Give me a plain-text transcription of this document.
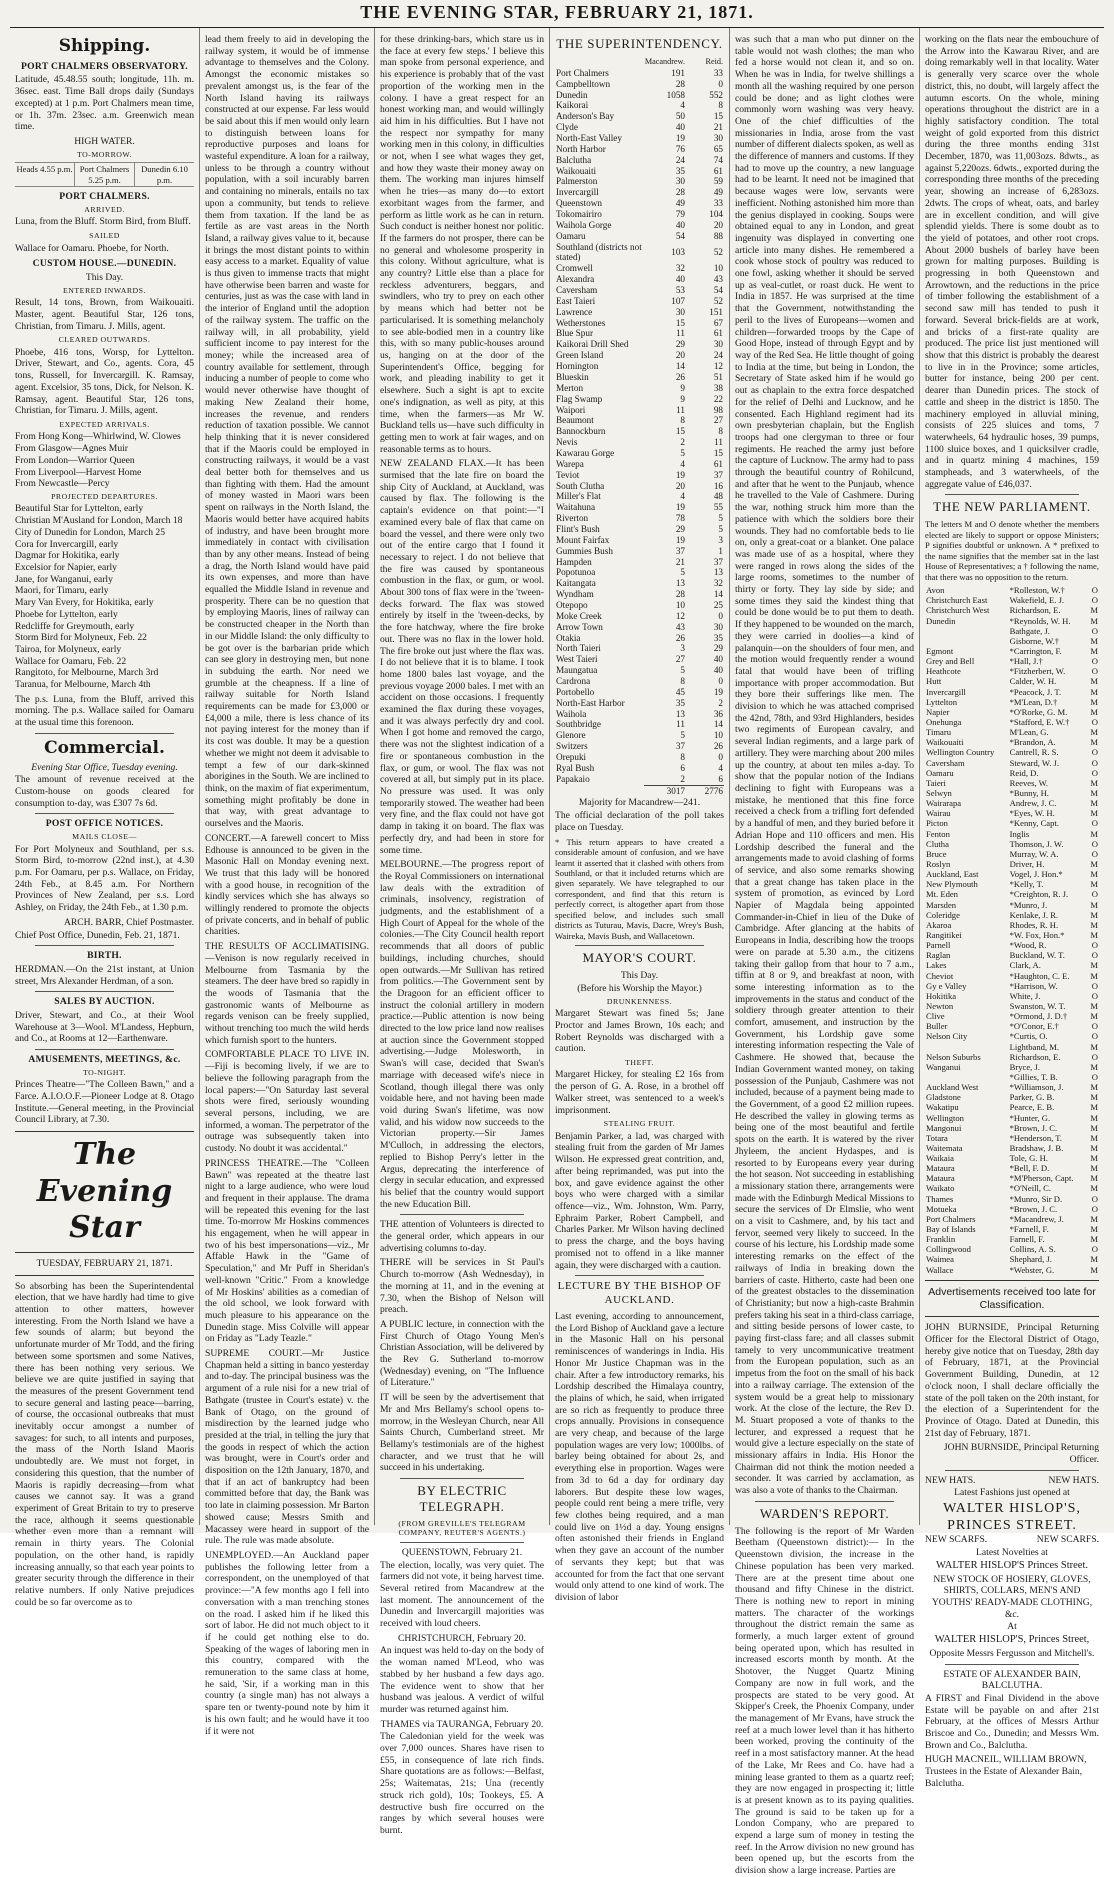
THE EVENING STAR, FEBRUARY 21, 1871.
Shipping.
PORT CHALMERS OBSERVATORY.

Latitude, 45.48.55 south; longitude, 11h. m. 36sec. east. Time Ball drops daily (Sundays excepted) at 1 p.m. Port Chalmers mean time, or 1h. 37m. 23sec. a.m. Greenwich mean time.

HIGH WATER.
TO-MORROW.
Heads 4.55 p.m. Port Chalmers 5.25 p.m.
Dunedin 6.10 p.m.
PORT CHALMERS.
ARRIVED.

Luna, from the Bluff. Storm Bird, from Bluff.

SAILED

Wallace for Oamaru. Phoebe, for North.

CUSTOM HOUSE.—DUNEDIN.
This Day.
ENTERED INWARDS.

Result, 14 tons, Brown, from Waikouaiti. Master, agent. Beautiful Star, 126 tons, Christian, from Timaru. J. Mills, agent.

CLEARED OUTWARDS.

Phoebe, 416 tons, Worsp, for Lyttelton. Driver, Stewart, and Co., agents. Cora, 45 tons, Russell, for Invercargill. K. Ramsay, agent. Excelsior, 35 tons, Dick, for Nelson. K. Ramsay, agent. Beautiful Star, 126 tons, Christian, for Timaru. J. Mills, agent.

EXPECTED ARRIVALS.
From Hong Kong—Whirlwind, W. Clowes
From Glasgow—Agnes Muir
From London—Warrior Queen
From Liverpool—Harvest Home
From Newcastle—Percy
PROJECTED DEPARTURES.
Beautiful Star for Lyttelton, early
Christian M'Ausland for London, March 18
City of Dunedin for London, March 25
Cora for Invercargill, early
Dagmar for Hokitika, early
Excelsior for Napier, early
Jane, for Wanganui, early
Maori, for Timaru, early
Mary Van Every, for Hokitika, early
Phoebe for Lyttelton, early
Redcliffe for Greymouth, early
Storm Bird for Molyneux, Feb. 22
Tairoa, for Molyneux, early
Wallace for Oamaru, Feb. 22
Rangitoto, for Melbourne, March 3rd
Taranua, for Melbourne, March 4th

The p.s. Luna, from the Bluff, arrived this morning. The p.s. Wallace sailed for Oamaru at the usual time this forenoon.

Commercial.
Evening Star Office, Tuesday evening.

The amount of revenue received at the Custom-house on goods cleared for consumption to-day, was £307 7s 6d.

POST OFFICE NOTICES.
MAILS CLOSE—

For Port Molyneux and Southland, per s.s. Storm Bird, to-morrow (22nd inst.), at 4.30 p.m. For Oamaru, per p.s. Wallace, on Friday, 24th Feb., at 8.45 a.m. For Northern Provinces of New Zealand, per s.s. Lord Ashley, on Friday, the 24th Feb., at 1.30 p.m.

ARCH. BARR, Chief Postmaster.
Chief Post Office, Dunedin, Feb. 21, 1871.
BIRTH.

HERDMAN.—On the 21st instant, at Union street, Mrs Alexander Herdman, of a son.

SALES BY AUCTION.

Driver, Stewart, and Co., at their Wool Warehouse at 3—Wool. M'Landess, Hepburn, and Co., at Rooms at 12—Earthenware.

AMUSEMENTS, MEETINGS, &c.
TO-NIGHT.

Princes Theatre—"The Colleen Bawn," and a Farce. A.I.O.O.F.—Pioneer Lodge at 8. Otago Institute.—General meeting, in the Provincial Council Library, at 7.30.

The Evening Star
TUESDAY, FEBRUARY 21, 1871.

So absorbing has been the Superintendental election, that we have hardly had time to give attention to other matters, however interesting. From the North Island we have a few sounds of alarm; but beyond the unfortunate murder of Mr Todd, and the firing between some sportsmen and some Natives, there has been nothing very serious. We believe we are quite justified in saying that the measures of the present Government tend to secure general and lasting peace—barring, of course, the occasional outbreaks that must inevitably occur amongst a number of savages: for such, to all intents and purposes, the mass of the North Island Maoris undoubtedly are. We must not forget, in considering this question, that the number of Maoris is rapidly decreasing—from what causes we cannot say. It was a grand experiment of Great Britain to try to preserve the race, although it seems questionable whether even more than a remnant will remain in thirty years. The Colonial population, on the other hand, is rapidly increasing annually, so that each year points to greater security through the difference in their relative numbers. If only Native prejudices could be so far overcome as to

lead them freely to aid in developing the railway system, it would be of immense advantage to themselves and the Colony. Amongst the economic mistakes so prevalent amongst us, is the fear of the North Island having its railways constructed at our expense. Far less would be said about this if men would only learn to distinguish between loans for reproductive purposes and loans for wasteful expenditure. A loan for a railway, unless to be through a country without population, with a soil incurably barren and containing no minerals, entails no tax upon a community, but tends to relieve them from taxation. If the land be as fertile as are vast areas in the North Island, a railway gives value to it, because it brings the most distant points to within easy access to a market. Equality of value is thus given to immense tracts that might have otherwise been barren and waste for centuries, just as was the case with land in the interior of England until the adoption of the railway system. The traffic on the railway will, in all probability, yield sufficient income to pay interest for the money; while the increased area of country available for settlement, through inducing a number of people to come who would never otherwise have thought of making New Zealand their home, increases the revenue, and renders reduction of taxation possible. We cannot help thinking that it is never considered that if the Maoris could be employed in constructing railways, it would be a vast deal better both for themselves and us than fighting with them. Had the amount of money wasted in Maori wars been spent on railways in the North Island, the Maoris would better have acquired habits of industry, and have been brought more immediately in contact with civilisation than by any other means. Instead of being a drag, the North Island would have paid its own expenses, and more than have equalled the Middle Island in revenue and prosperity. There can be no question that by employing Maoris, lines of railway can be constructed cheaper in the North than in our Middle Island: the only difficulty to be got over is the barbarian pride which can see glory in destroying men, but none in subduing the earth. Nor need we grumble at the cheapness. If a line of railway suitable for North Island requirements can be made for £3,000 or £4,000 a mile, there is less chance of its not paying interest for the money than if its cost was double. It may be a question whether we might not deem it advisable to tempt a few of our dark-skinned aborigines in the South. We are inclined to think, on the maxim of fiat experimentum, something might profitably be done in that way, with great advantage to ourselves and the Maoris.

CONCERT.—A farewell concert to Miss Edhouse is announced to be given in the Masonic Hall on Monday evening next. We trust that this lady will be honored with a good house, in recognition of the kindly services which she has always so willingly rendered to promote the objects of private concerts, and in behalf of public charities.

THE RESULTS OF ACCLIMATISING.—Venison is now regularly received in Melbourne from Tasmania by the steamers. The deer have bred so rapidly in the woods of Tasmania that the gastronomic wants of Melbourne as regards venison can be freely supplied, without trenching too much the wild herds which furnish sport to the hunters.

COMFORTABLE PLACE TO LIVE IN.—Fiji is becoming lively, if we are to believe the following paragraph from the local papers:—"On Saturday last several shots were fired, seriously wounding several persons, including, we are informed, a woman. The perpetrator of the outrage was subsequently taken into custody. No doubt it was accidental."

PRINCESS THEATRE.—The "Colleen Bawn" was repeated at the theatre last night to a large audience, who were loud and frequent in their applause. The drama will be repeated this evening for the last time. To-morrow Mr Hoskins commences his engagement, when he will appear in two of his best impersonations—viz., Mr Affable Hawk in the "Game of Speculation," and Mr Puff in Sheridan's well-known "Critic." From a knowledge of Mr Hoskins' abilities as a comedian of the old school, we look forward with much pleasure to his appearance on the Dunedin stage. Miss Colville will appear on Friday as "Lady Teazle."

SUPREME COURT.—Mr Justice Chapman held a sitting in banco yesterday and to-day. The principal business was the argument of a rule nisi for a new trial of Bathgate (trustee in Court's estate) v. the Bank of Otago, on the ground of misdirection by the learned judge who presided at the trial, in telling the jury that the goods in respect of which the action was brought, were in Court's order and disposition on the 12th January, 1870, and that if an act of bankruptcy had been committed before that day, the Bank was too late in claiming possession. Mr Barton showed cause; Messrs Smith and Macassey were heard in support of the rule. The rule was made absolute.

UNEMPLOYED.—An Auckland paper publishes the following letter from a correspondent, on the unemployed of that province:—"A few months ago I fell into conversation with a man trenching stones on the road. I asked him if he liked this sort of labor. He did not much object to it if he could get nothing else to do. Speaking of the wages of laboring men in this country, compared with the remuneration to the same class at home, he said, 'Sir, if a working man in this country (a single man) has not always a spare ten or twenty-pound note by him it is his own fault; and he would have it too if it were not

for these drinking-bars, which stare us in the face at every few steps.' I believe this man spoke from personal experience, and his experience is probably that of the vast proportion of the working men in the colony. I have a great respect for an honest working man, and would willingly aid him in his difficulties. But I have not the respect nor sympathy for many working men in this colony, in difficulties or not, when I see what wages they get, and how they waste their money away on them. The working man injures himself when he tries—as many do—to extort exorbitant wages from the farmer, and perform as little work as he can in return. Such conduct is neither honest nor politic. If the farmers do not prosper, there can be no general and wholesome prosperity in this colony. Without agriculture, what is any country? Little else than a place for reckless adventurers, beggars, and swindlers, who try to prey on each other by means which had better not be particularised. It is something melancholy to see able-bodied men in a country like this, with so many public-houses around us, hanging on at the door of the Superintendent's Office, begging for work, and pleading inability to get it elsewhere. Such a sight is apt to excite one's indignation, as well as pity, at this time, when the farmers—as Mr W. Buckland tells us—have such difficulty in getting men to work at fair wages, and on reasonable terms as to hours.

NEW ZEALAND FLAX.—It has been surmised that the late fire on board the ship City of Auckland, at Auckland, was caused by flax. The following is the captain's evidence on that point:—"I examined every bale of flax that came on board the vessel, and there were only two out of the entire cargo that I found it necessary to reject. I do not believe that the fire was caused by spontaneous combustion in the flax, or gum, or wool. About 300 tons of flax were in the 'tween-decks forward. The flax was stowed entirely by itself in the 'tween-decks, by the fore hatchway, where the fire broke out. There was no flax in the lower hold. The fire broke out just where the flax was. I do not believe that it is to blame. I took home 1800 bales last voyage, and the previous voyage 2000 bales. I met with an accident on those occasions. I frequently examined the flax during these voyages, and it was always perfectly dry and cool. When I got home and removed the cargo, there was not the slightest indication of a fire or spontaneous combustion in the flax, or gum, or wool. The flax was not covered at all, but simply put in its place. No pressure was used. It was only temporarily stowed. The weather had been very fine, and the flax could not have got damp in taking it on board. The flax was perfectly dry, and had been in store for some time.

MELBOURNE.—The progress report of the Royal Commissioners on international law deals with the extradition of criminals, insolvency, registration of judgments, and the establishment of a High Court of Appeal for the whole of the colonies.—The City Council health report recommends that all doors of public buildings, including churches, should open outwards.—Mr Sullivan has retired from politics.—The Government sent by the Dragoon for an efficient officer to instruct the colonial artillery in modern practice.—Public attention is now being directed to the low price land now realises at auction since the Government stopped advertising.—Judge Molesworth, in Swan's will case, decided that Swan's marriage with deceased wife's niece in Scotland, though illegal there was only voidable here, and not having been made void during Swan's lifetime, was now valid, and his widow now succeeds to the Victorian property.—Sir James M'Culloch, in addressing the electors, replied to Bishop Perry's letter in the Argus, deprecating the interference of clergy in secular education, and expressed his belief that the country would support the new Education Bill.

THE attention of Volunteers is directed to the general order, which appears in our advertising columns to-day.

THERE will be services in St Paul's Church to-morrow (Ash Wednesday), in the morning at 11, and in the evening at 7.30, when the Bishop of Nelson will preach.

A PUBLIC lecture, in connection with the First Church of Otago Young Men's Christian Association, will be delivered by the Rev G. Sutherland to-morrow (Wednesday) evening, on "The Influence of Literature."

IT will be seen by the advertisement that Mr and Mrs Bellamy's school opens to-morrow, in the Wesleyan Church, near All Saints Church, Cumberland street. Mr Bellamy's testimonials are of the highest character, and we trust that he will succeed in his undertaking.

BY ELECTRIC TELEGRAPH.
(FROM GREVILLE'S TELEGRAM COMPANY, REUTER'S AGENTS.)
QUEENSTOWN, February 21.

The election, locally, was very quiet. The farmers did not vote, it being harvest time. Several retired from Macandrew at the last moment. The announcement of the Dunedin and Invercargill majorities was received with loud cheers.

CHRISTCHURCH, February 20.

An inquest was held to-day on the body of the woman named M'Leod, who was stabbed by her husband a few days ago. The evidence went to show that her husband was jealous. A verdict of wilful murder was returned against him.

THAMES via TAURANGA, February 20.

The Caledonian yield for the week was over 7,000 ounces. Shares have risen to £55, in consequence of late rich finds. Share quotations are as follows:—Belfast, 25s; Waitematas, 21s; Una (recently struck rich gold), 10s; Tookeys, £5. A destructive bush fire occurred on the ranges by which several houses were burnt.

THE SUPERINTENDENCY.
	Macandrew.	Reid.
Port Chalmers	191	33
Campbelltown	28	0
Dunedin	1058	552
Kaikorai	4	8
Anderson's Bay	50	15
Clyde	40	21
North-East Valley	19	30
North Harbor	76	65
Balclutha	24	74
Waikouaiti	35	61
Palmerston	30	59
Invercargill	28	49
Queenstown	49	33
Tokomairiro	79	104
Waihola Gorge	40	20
Oamaru	54	88
Southland (districts not stated)	103	52
Cromwell	32	10
Alexandra	40	43
Caversham	53	54
East Taieri	107	52
Lawrence	30	151
Wetherstones	15	67
Blue Spur	11	61
Kaikorai Drill Shed	29	30
Green Island	20	24
Hornington	14	12
Blueskin	26	51
Merton	9	38
Flag Swamp	9	22
Waipori	11	98
Beaumont	8	27
Bannockburn	15	8
Nevis	2	11
Kawarau Gorge	5	15
Warepa	4	61
Teviot	19	37
South Clutha	20	16
Miller's Flat	4	48
Waitahuna	19	55
Riverton	78	5
Flint's Bush	29	5
Mount Fairfax	19	3
Gummies Bush	37	1
Hampden	21	37
Popotunoa	5	13
Kaitangata	13	32
Wyndham	28	14
Otepopo	10	25
Moke Creek	12	0
Arrow Town	43	30
Otakia	26	35
North Taieri	3	29
West Taieri	27	40
Maungatua	5	40
Cardrona	8	0
Portobello	45	19
North-East Harbor	35	2
Waihola	13	36
Southbridge	11	14
Glenore	5	10
Switzers	37	26
Orepuki	8	0
Ryal Bush	6	4
Papakaio	2	6
	3017	2776
Majority for Macandrew—241.

The official declaration of the poll takes place on Tuesday.

* This return appears to have created a considerable amount of confusion, and we have learnt it asserted that it clashed with others from Southland, or that it included returns which are given separately. We have telegraphed to our correspondent, and find that this return is perfectly correct, is altogether apart from those specified below, and includes such small districts as Tuturau, Mavis, Dacre, Wrey's Bush, Waireka, Mavis Bush, and Wallacetown.

MAYOR'S COURT.
This Day.
(Before his Worship the Mayor.)
DRUNKENNESS.

Margaret Stewart was fined 5s; Jane Proctor and James Brown, 10s each; and Robert Reynolds was discharged with a caution.

THEFT.

Margaret Hickey, for stealing £2 16s from the person of G. A. Rose, in a brothel off Walker street, was sentenced to a week's imprisonment.

STEALING FRUIT.

Benjamin Parker, a lad, was charged with stealing fruit from the garden of Mr James Wilson. He expressed great contrition, and, after being reprimanded, was put into the box, and gave evidence against the other boys who were charged with a similar offence—viz., Wm. Johnston, Wm. Parry, Ephraim Parker, Robert Campbell, and Charles Parker. Mr Wilson having declined to press the charge, and the boys having promised not to offend in a like manner again, they were discharged with a caution.

LECTURE BY THE BISHOP OF AUCKLAND.

Last evening, according to announcement, the Lord Bishop of Auckland gave a lecture in the Masonic Hall on his personal reminiscences of wanderings in India. His Honor Mr Justice Chapman was in the chair. After a few introductory remarks, his Lordship described the Himalaya country, the plains of which, he said, when irrigated are so rich as frequently to produce three crops annually. Provisions in consequence are very cheap, and because of the large population wages are very low; 1000lbs. of barley being obtained for about 2s, and everything else in proportion. Wages were from 3d to 6d a day for ordinary day laborers. But despite these low wages, people could rent being a mere trifle, very few clothes being required, and a man could live on 1½d a day. Young ensigns often astonished their friends in England when they gave an account of the number of servants they kept; but that was accounted for from the fact that one servant would only attend to one kind of work. The division of labor

was such that a man who put dinner on the table would not wash clothes; the man who fed a horse would not clean it, and so on. When he was in India, for twelve shillings a month all the washing required by one person could be done; and as light clothes were commonly worn washing was very heavy. One of the chief difficulties of the missionaries in India, arose from the vast number of different dialects spoken, as well as the difference of manners and customs. If they had to move up the country, a new language had to be learnt. It need not be imagined that because wages were low, servants were inefficient. Nothing astonished him more than the genius displayed in cooking. Soups were obtained equal to any in London, and great ingenuity was displayed in converting one article into many dishes. He remembered a cook whose stock of poultry was reduced to one fowl, asking whether it should be served up as veal-cutlet, or roast duck. He went to India in 1857. He was surprised at the time that the Government, notwithstanding the peril to the lives of Europeans—women and children—forwarded troops by the Cape of Good Hope, instead of through Egypt and by way of the Red Sea. He little thought of going to India at the time, but being in London, the Secretary of State asked him if he would go out as chaplain to the extra force despatched for the relief of Delhi and Lucknow, and he consented. Each Highland regiment had its own presbyterian chaplain, but the English troops had one clergyman to three or four regiments. He reached the army just before the capture of Lucknow. The army had to pass through the beautiful country of Rohilcund, and after that he went to the Punjaub, whence he travelled to the Vale of Cashmere. During the war, nothing struck him more than the patience with which the soldiers bore their wounds. They had no comfortable beds to lie on, only a great-coat or a blanket. One palace was made use of as a hospital, where they were ranged in rows along the sides of the large rooms, sometimes to the number of thirty or forty. They lay side by side; and some times they said the kindest thing that could be done would be to put them to death. If they happened to be wounded on the march, they were carried in doolies—a kind of palanquin—on the shoulders of four men, and the motion would frequently render a wound fatal that would have been of trifling importance with proper accommodation. But they bore their sufferings like men. The division to which he was attached comprised the 42nd, 78th, and 93rd Highlanders, besides two regiments of European cavalry, and several Indian regiments, and a large park of artillery. They were marching about 200 miles up the country, at about ten miles a-day. To show that the popular notion of the Indians declining to fight with Europeans was a mistake, he mentioned that this fine force received a check from a trifling fort defended by a handful of men, and they buried before it Adrian Hope and 110 officers and men. His Lordship described the funeral and the arrangements made to avoid clashing of forms of service, and also some remarks showing that a great change has taken place in the system of promotion, as evinced by Lord Napier of Magdala being appointed Commander-in-Chief in lieu of the Duke of Cambridge. After glancing at the habits of Europeans in India, describing how the troops were on parade at 5.30 a.m., the citizens taking their gallop from that hour to 7 a.m., tiffin at 8 or 9, and breakfast at noon, with some interesting information as to the improvements in the status and conduct of the soldiery through greater attention to their comfort, amusement, and instruction by the Government, his Lordship gave some interesting information respecting the Vale of Cashmere. He showed that, because the Indian Government wanted money, on taking possession of the Punjaub, Cashmere was not included, because of a payment being made to the Government, of a good £2 million rupees. He described the valley in glowing terms as being one of the most beautiful and fertile spots on the earth. It is watered by the river Jhyleem, the ancient Hydaspes, and is resorted to by Europeans every year during the hot season. Not succeeding in establishing a missionary station there, arrangements were made with the Edinburgh Medical Missions to secure the services of Dr Elmslie, who went on a visit to Cashmere, and, by his tact and fervor, seemed very likely to succeed. In the course of his lecture, his Lordship made some interesting remarks on the effect of the railways of India in breaking down the barriers of caste. Hitherto, caste had been one of the greatest obstacles to the dissemination of Christianity; but now a high-caste Brahmin prefers taking his seat in a third-class carriage, and sitting beside persons of lower caste, to paying first-class fare; and all classes submit tamely to very uncommunicative treatment from the European population, such as an impetus from the foot on the small of his back into a railway carriage. The extension of the system would be a great help to missionary work. At the close of the lecture, the Rev D. M. Stuart proposed a vote of thanks to the lecturer, and expressed a request that he would give a lecture especially on the state of missionary affairs in India. His Honor the Chairman did not think the motion needed a seconder. It was carried by acclamation, as was also a vote of thanks to the Chairman.

WARDEN'S REPORT.

The following is the report of Mr Warden Beetham (Queenstown district):— In the Queenstown division, the increase in the Chinese population has been very marked. There are at the present time about one thousand and fifty Chinese in the district. There is nothing new to report in mining matters. The character of the workings throughout the district remain the same as formerly, a much larger extent of ground being operated upon, which has resulted in increased escorts month by month. At the Shotover, the Nugget Quartz Mining Company are now in full work, and the prospects are stated to be very good. At Skipper's Creek, the Phoenix Company, under the management of Mr Evans, have struck the reef at a much lower level than it has hitherto been worked, proving the continuity of the reef in a most satisfactory manner. At the head of the Lake, Mr Rees and Co. have had a mining lease granted to them as a quartz reef; they are now engaged in prospecting it; little is at present known as to its paying qualities. The ground is said to be taken up for a London Company, who are prepared to expend a large sum of money in testing the reef. In the Arrow division no new ground has been opened up, but the escorts from the division show a large increase. Parties are

working on the flats near the embouchure of the Arrow into the Kawarau River, and are doing remarkably well in that locality. Water is generally very scarce over the whole district, this, no doubt, will largely affect the autumn escorts. On the whole, mining operations throughout the district are in a highly satisfactory condition. The total weight of gold exported from this district during the three months ending 31st December, 1870, was 11,003ozs. 8dwts., as against 5,220ozs. 6dwts., exported during the corresponding three months of the preceding year, showing an increase of 6,283ozs. 2dwts. The crops of wheat, oats, and barley are in excellent condition, and will give splendid yields. There is some doubt as to the yield of potatoes, and other root crops. About 2000 bushels of barley have been grown for malting purposes. Building is progressing in both Queenstown and Arrowtown, and the reductions in the price of timber following the establishment of a second saw mill has tended to push it forward. Several brick-fields are at work, and bricks of a first-rate quality are produced. The price list just mentioned will show that this district is probably the dearest to live in in the Province; some articles, butter for instance, being 200 per cent. dearer than Dunedin prices. The stock of cattle and sheep in the district is 1850. The machinery employed in alluvial mining, consists of 225 sluices and toms, 7 waterwheels, 64 hydraulic hoses, 39 pumps, 1100 sluice boxes, and 1 quicksilver cradle, and in quartz mining 4 machines, 159 stampheads, and 3 waterwheels, of the aggregate value of £46,037.

THE NEW PARLIAMENT.

The letters M and O denote whether the members elected are likely to support or oppose Ministers; P signifies doubtful or unknown. A * prefixed to the name signifies that the member sat in the last House of Representatives; a † following the name, that there was no opposition to the return.

Avon	*Rolleston, W.†	O
Christchurch East	Wakefield, E. J.	O
Christchurch West	Richardson, E.	M
Dunedin	*Reynolds, W. H.	M
	Bathgate, J.	O
	Gisborne, W.†	M
Egmont	*Carrington, F.	M
Grey and Bell	*Hall, J.†	O
Heathcote	*Fitzherbert, W.	O
Hutt	Calder, W. H.	M
Invercargill	*Peacock, J. T.	M
Lyttelton	*M'Lean, D.†	M
Napier	*O'Rorke, G. M.	M
Onehunga	*Stafford, E. W.†	O
Timaru	M'Lean, G.	M
Waikouaiti	*Brandon, A.	M
Wellington Country	Cantrell, R. S.	O
Caversham	Steward, W. J.	O
Oamaru	Reid, D.	O
Taieri	Reeves, W.	M
Selwyn	*Bunny, H.	M
Wairarapa	Andrew, J. C.	M
Wairau	*Eyes, W. H.	M
Picton	*Kenny, Capt.	O
Fenton	Inglis	M
Clutha	Thomson, J. W.	O
Bruce	Murray, W. A.	O
Roslyn	Driver, H.	M
Auckland, East	Vogel, J. Hon.*	M
New Plymouth	*Kelly, T.	M
Mt. Eden	*Creighton, R. J.	O
Marsden	*Munro, J.	M
Coleridge	Kenlake, J. R.	M
Akaroa	Rhodes, R. H.	M
Rangitikei	*W. Fox, Hon.*	M
Parnell	*Wood, R.	O
Raglan	Buckland, W. T.	O
Lakes	Clark, A.	M
Cheviot	*Haughton, C. E.	M
Gy e Valley	*Harrison, W.	O
Hokitika	White, J.	O
Newton	Swanston, W. T.	M
Clive	*Ormond, J. D.†	M
Buller	*O'Conor, E.†	O
Nelson City	*Curtis, O.	O
	Lightband, M.	M
Nelson Suburbs	Richardson, E.	O
Wanganui	Bryce, J.	M
	*Gillies, T. B.	O
Auckland West	*Williamson, J.	M
Gladstone	Parker, G. B.	M
Wakatipu	Pearce, E. B.	M
Wellington	*Hunter, G.	M
Mangonui	*Brown, J. C.	M
Totara	*Henderson, T.	M
Waitemata	Bradshaw, J. B.	M
Waikaia	Tole, G. H.	M
Mataura	*Bell, F. D.	M
Mataura	*M'Pherson, Capt.	M
Waikato	*O'Neill, C.	M
Thames	*Munro, Sir D.	O
Motueka	*Brown, J. C.	O
Port Chalmers	*Macandrew, J.	M
Bay of Islands	*Farnell, F.	M
Franklin	Farnell, F.	M
Collingwood	Collins, A. S.	O
Waimea	Shephard, J.	M
Wallace	*Webster, G.	M
Advertisements received too late for Classification.

JOHN BURNSIDE, Principal Returning Officer for the Electoral District of Otago, hereby give notice that on Tuesday, 28th day of February, 1871, at the Provincial Government Building, Dunedin, at 12 o'clock noon, I shall declare officially the state of the poll taken on the 20th instant, for the election of a Superintendent for the Province of Otago. Dated at Dunedin, this 21st day of February, 1871.

JOHN BURNSIDE, Principal Returning Officer.
NEW HATS.	NEW HATS.
Latest Fashions just opened at
WALTER HISLOP'S, PRINCES STREET.
NEW SCARFS.	NEW SCARFS.
Latest Novelties at
WALTER HISLOP'S Princes Street.
NEW STOCK OF HOSIERY, GLOVES, SHIRTS, COLLARS, MEN'S AND YOUTHS' READY-MADE CLOTHING, &c.
At
WALTER HISLOP'S, Princes Street,
Opposite Messrs Fergusson and Mitchell's.
ESTATE OF ALEXANDER BAIN, BALCLUTHA.

A FIRST and Final Dividend in the above Estate will be payable on and after 21st February, at the offices of Messrs Arthur Briscoe and Co., Dunedin; and Messrs Wm. Brown and Co., Balclutha.

HUGH MACNEIL, WILLIAM BROWN, Trustees in the Estate of Alexander Bain, Balclutha.
